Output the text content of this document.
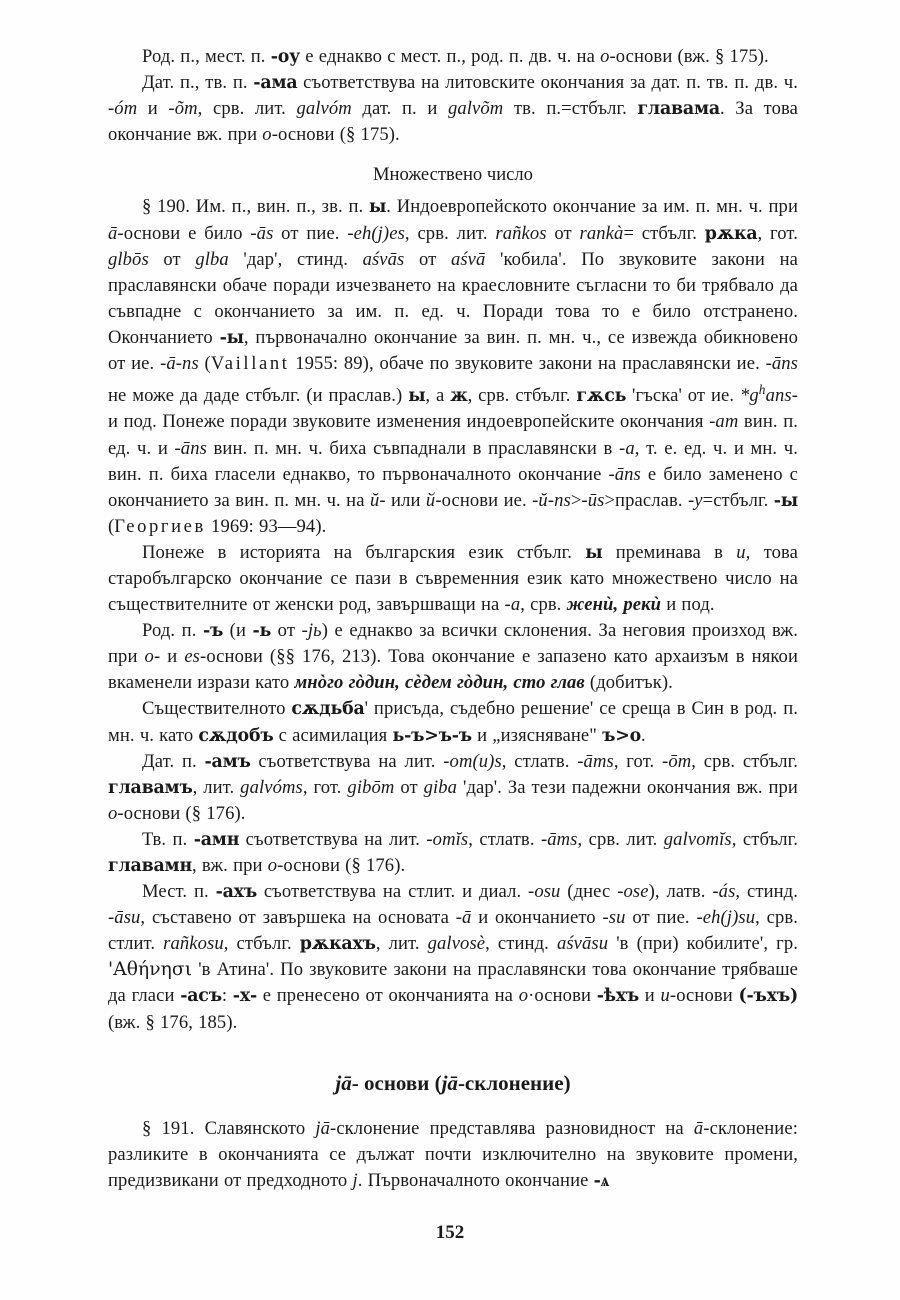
Род. п., мест. п. -оу е еднакво с мест. п., род. п. дв. ч. на о-основи (вж. § 175).

Дат. п., тв. п. -ама съответствува на литовските окончания за дат. п. тв. п. дв. ч. -óm и -õm, срв. лит. galvóm дат. п. и galvõm тв. п.=стбълг. главама. За това окончание вж. при о-основи (§ 175).

Множествено число

§ 190. Им. п., вин. п., зв. п. ы. Индоевропейското окончание за им. п. мн. ч. при ā-основи е било -ās от пие. -eh(j)es, срв. лит. rañkos от rankà= стбълг. рѫка, гот. glbōs от glba 'дар', стинд. aśvās от aśvā 'кобила'. По звуковите закони на праславянски обаче поради изчезването на краесловните съгласни то би трябвало да съвпадне с окончанието за им. п. ед. ч. Поради това то е било отстранено. Окончанието -ы, първоначално окончание за вин. п. мн. ч., се извежда обикновено от ие. -ā-ns (Vaillant 1955: 89), обаче по звуковите закони на праславянски ие. -āns не може да даде стбълг. (и праслав.) ы, а ж, срв. стбълг. гѫсь 'гъска' от ие. $*g^hans-$ и под. Понеже поради звуковите изменения индоевропейските окончания -am вин. п. ед. ч. и -āns вин. п. мн. ч. биха съвпаднали в праславянски в -a, т. е. ед. ч. и мн. ч. вин. п. биха гласели еднакво, то първоначалното окончание -āns е било заменено с окончанието за вин. п. мн. ч. на ŭ- или й-основи ие. -ŭ-ns>-ūs>праслав. -у=стбълг. -ы (Георгиев 1969: 93—94).

Понеже в историята на българския език стбълг. ы преминава в и, това старобългарско окончание се пази в съвременния език като множествено число на съществителните от женски род, завършващи на -а, срв. женѝ, рекѝ и под.

Род. п. -ъ (и -ь от -jь) е еднакво за всички склонения. За неговия произход вж. при о- и es-основи (§§ 176, 213). Това окончание е запазено като архаизъм в някои вкаменели изрази като мнòго гòдин, сèдем гòдин, сто глав (добитък).

Съществителното сѫдьба' присъда, съдебно решение' се среща в Син в род. п. мн. ч. като сѫдобъ с асимилация ь-ъ>ъ-ъ и „изясняване" ъ>о.

Дат. п. -амъ съответствува на лит. -om(u)s, стлатв. -āms, гот. -ōm, срв. стбълг. главамъ, лит. galvóms, гот. gibōm от giba 'дар'. За тези падежни окончания вж. при о-основи (§ 176).

Тв. п. -амн съответствува на лит. -omĭs, стлатв. -āms, срв. лит. galvomĭs, стбълг. главамн, вж. при о-основи (§ 176).

Мест. п. -ахъ съответствува на стлит. и диал. -osu (днес -ose), латв. -ás, стинд. -āsu, съставено от завършека на основата -ā и окончанието -su от пие. -eh(j)su, срв. стлит. rañkosu, стбълг. рѫкахъ, лит. galvosè, стинд. aśvāsu 'в (при) кобилите', гр. 'Αθήνησι 'в Атина'. По звуковите закони на праславянски това окончание трябваше да гласи -асъ: -х- е пренесено от окончанията на о·основи -ѣхъ и и-основи (-ъхъ) (вж. § 176, 185).

jā- основи (jā-склонение)

§ 191. Славянското jā-склонение представлява разновидност на ā-склонение: разликите в окончанията се дължат почти изключително на звуковите промени, предизвикани от предходното j. Първоначалното окончание -ѧ

152
